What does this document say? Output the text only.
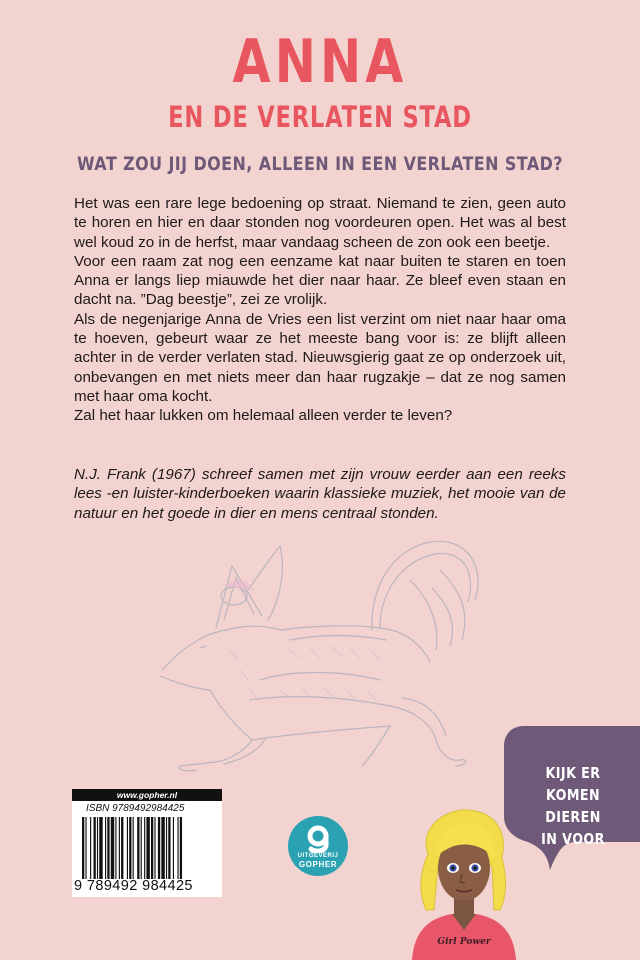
ANNA
EN DE VERLATEN STAD
WAT ZOU JIJ DOEN, ALLEEN IN EEN VERLATEN STAD?

Het was een rare lege bedoening op straat. Niemand te zien, geen auto te horen en hier en daar stonden nog voordeuren open. Het was al best wel koud zo in de herfst, maar vandaag scheen de zon ook een beetje.

Voor een raam zat nog een eenzame kat naar buiten te staren en toen Anna er langs liep miauwde het dier naar haar. Ze bleef even staan en dacht na. ”Dag beestje”, zei ze vrolijk.

Als de negenjarige Anna de Vries een list verzint om niet naar haar oma te hoeven, gebeurt waar ze het meeste bang voor is: ze blijft alleen achter in de verder verlaten stad. Nieuwsgierig gaat ze op onderzoek uit, onbevangen en met niets meer dan haar rugzakje – dat ze nog samen met haar oma kocht.

Zal het haar lukken om helemaal alleen verder te leven?

N.J. Frank (1967) schreef samen met zijn vrouw eerder aan een reeks lees -en luister-kinderboeken waarin klassieke muziek, het mooie van de natuur en het goede in dier en mens centraal stonden.

www.gopher.nl
ISBN 9789492984425
9 789492 984425
UITGEVERIJ
GOPHER
KIJK ER
KOMEN DIEREN
IN VOOR
Girl Power
